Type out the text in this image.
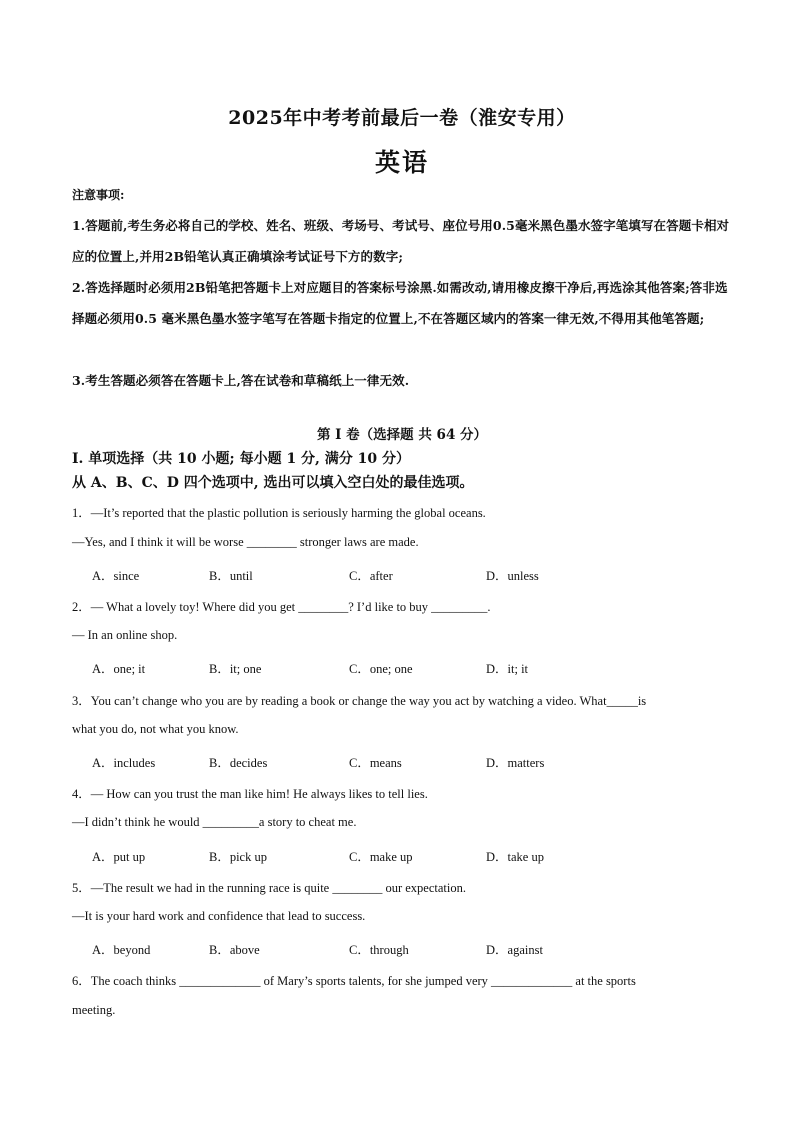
2025年中考考前最后一卷（淮安专用）
英语
注意事项:
1.答题前,考生务必将自己的学校、姓名、班级、考场号、考试号、座位号用0.5毫米黑色墨水签字笔填写在答题卡相对应的位置上,并用2B铅笔认真正确填涂考试证号下方的数字;
2.答选择题时必须用2B铅笔把答题卡上对应题目的答案标号涂黑.如需改动,请用橡皮擦干净后,再选涂其他答案;答非选择题必须用0.5 毫米黑色墨水签字笔写在答题卡指定的位置上,不在答题区域内的答案一律无效,不得用其他笔答题;
3.考生答题必须答在答题卡上,答在试卷和草稿纸上一律无效.
第 I 卷（选择题 共 64 分）
I. 单项选择（共 10 小题; 每小题 1 分, 满分 10 分）
从 A、B、C、D 四个选项中, 选出可以填入空白处的最佳选项。
1．—It’s reported that the plastic pollution is seriously harming the global oceans.
—Yes, and I think it will be worse ________ stronger laws are made.
A．since	B．until	C．after	D．unless
2．— What a lovely toy! Where did you get ________? I’d like to buy _________.
— In an online shop.
A．one; it	B．it; one	C．one; one	D．it; it
3．You can’t change who you are by reading a book or change the way you act by watching a video. What_____is
what you do, not what you know.
A．includes	B．decides	C．means	D．matters
4．— How can you trust the man like him! He always likes to tell lies.
—I didn’t think he would _________a story to cheat me.
A．put up	B．pick up	C．make up	D．take up
5．—The result we had in the running race is quite ________ our expectation.
—It is your hard work and confidence that lead to success.
A．beyond	B．above	C．through	D．against
6．The coach thinks _____________ of Mary’s sports talents, for she jumped very _____________ at the sports
meeting.
